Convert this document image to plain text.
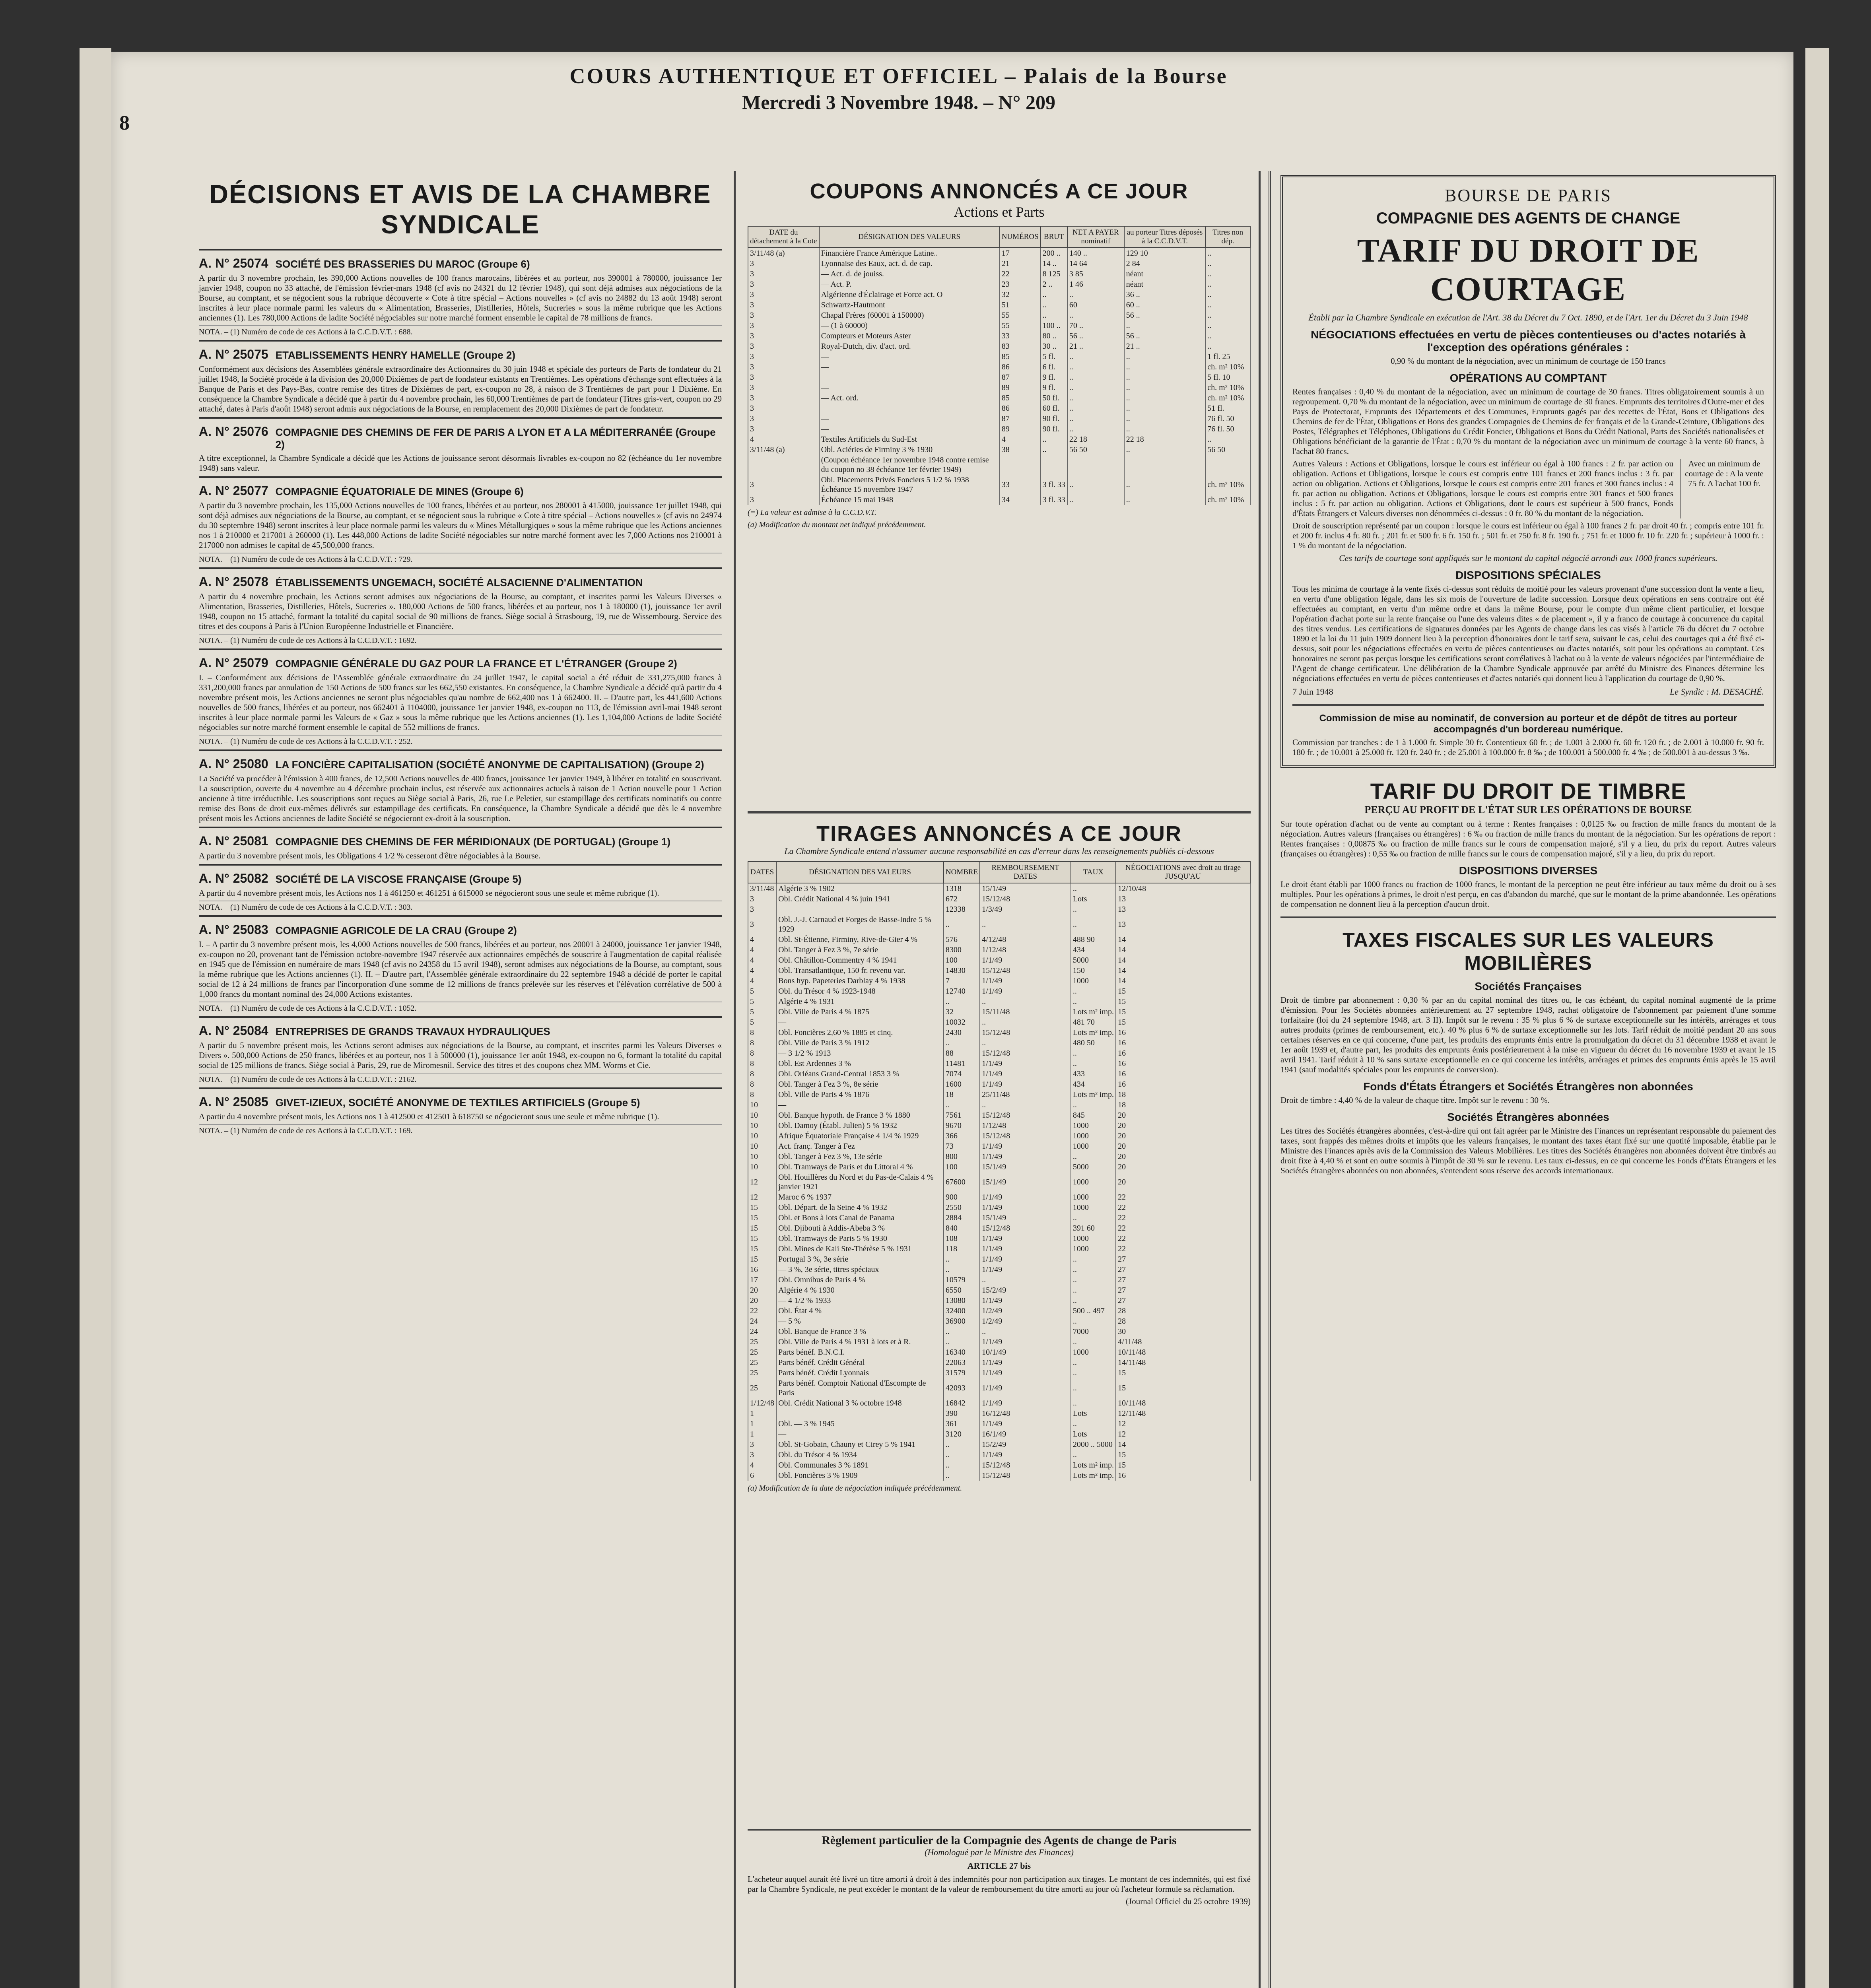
8
COURS AUTHENTIQUE ET OFFICIEL – Palais de la Bourse
Mercredi 3 Novembre 1948. – N° 209
DÉCISIONS ET AVIS DE LA CHAMBRE SYNDICALE
A. N° 25074 SOCIÉTÉ DES BRASSERIES DU MAROC (Groupe 6)
A partir du 3 novembre prochain, les 390,000 Actions nouvelles de 100 francs marocains, libérées et au porteur, nos 390001 à 780000, jouissance 1er janvier 1948, coupon no 33 attaché, de l'émission février-mars 1948 (cf avis no 24321 du 12 février 1948), qui sont déjà admises aux négociations de la Bourse, au comptant, et se négocient sous la rubrique découverte « Cote à titre spécial – Actions nouvelles » (cf avis no 24882 du 13 août 1948) seront inscrites à leur place normale parmi les valeurs du « Alimentation, Brasseries, Distilleries, Hôtels, Sucreries » sous la même rubrique que les Actions anciennes (1). Les 780,000 Actions de ladite Société négociables sur notre marché forment ensemble le capital de 78 millions de francs.
NOTA. – (1) Numéro de code de ces Actions à la C.C.D.V.T. : 688.
A. N° 25075 ETABLISSEMENTS HENRY HAMELLE (Groupe 2)
Conformément aux décisions des Assemblées générale extraordinaire des Actionnaires du 30 juin 1948 et spéciale des porteurs de Parts de fondateur du 21 juillet 1948, la Société procède à la division des 20,000 Dixièmes de part de fondateur existants en Trentièmes. Les opérations d'échange sont effectuées à la Banque de Paris et des Pays-Bas, contre remise des titres de Dixièmes de part, ex-coupon no 28, à raison de 3 Trentièmes de part pour 1 Dixième. En conséquence la Chambre Syndicale a décidé que à partir du 4 novembre prochain, les 60,000 Trentièmes de part de fondateur (Titres gris-vert, coupon no 29 attaché, dates à Paris d'août 1948) seront admis aux négociations de la Bourse, en remplacement des 20,000 Dixièmes de part de fondateur.
A. N° 25076 COMPAGNIE DES CHEMINS DE FER DE PARIS A LYON ET A LA MÉDITERRANÉE (Groupe 2)
A titre exceptionnel, la Chambre Syndicale a décidé que les Actions de jouissance seront désormais livrables ex-coupon no 82 (échéance du 1er novembre 1948) sans valeur.
A. N° 25077 COMPAGNIE ÉQUATORIALE DE MINES (Groupe 6)
A partir du 3 novembre prochain, les 135,000 Actions nouvelles de 100 francs, libérées et au porteur, nos 280001 à 415000, jouissance 1er juillet 1948, qui sont déjà admises aux négociations de la Bourse, au comptant, et se négocient sous la rubrique « Cote à titre spécial – Actions nouvelles » (cf avis no 24974 du 30 septembre 1948) seront inscrites à leur place normale parmi les valeurs du « Mines Métallurgiques » sous la même rubrique que les Actions anciennes nos 1 à 210000 et 217001 à 260000 (1). Les 448,000 Actions de ladite Société négociables sur notre marché forment avec les 7,000 Actions nos 210001 à 217000 non admises le capital de 45,500,000 francs.
NOTA. – (1) Numéro de code de ces Actions à la C.C.D.V.T. : 729.
A. N° 25078 ÉTABLISSEMENTS UNGEMACH, SOCIÉTÉ ALSACIENNE D'ALIMENTATION
A partir du 4 novembre prochain, les Actions seront admises aux négociations de la Bourse, au comptant, et inscrites parmi les Valeurs Diverses « Alimentation, Brasseries, Distilleries, Hôtels, Sucreries ». 180,000 Actions de 500 francs, libérées et au porteur, nos 1 à 180000 (1), jouissance 1er avril 1948, coupon no 15 attaché, formant la totalité du capital social de 90 millions de francs. Siège social à Strasbourg, 19, rue de Wissembourg. Service des titres et des coupons à Paris à l'Union Européenne Industrielle et Financière.
NOTA. – (1) Numéro de code de ces Actions à la C.C.D.V.T. : 1692.
A. N° 25079 COMPAGNIE GÉNÉRALE DU GAZ POUR LA FRANCE ET L'ÉTRANGER (Groupe 2)
I. – Conformément aux décisions de l'Assemblée générale extraordinaire du 24 juillet 1947, le capital social a été réduit de 331,275,000 francs à 331,200,000 francs par annulation de 150 Actions de 500 francs sur les 662,550 existantes. En conséquence, la Chambre Syndicale a décidé qu'à partir du 4 novembre présent mois, les Actions anciennes ne seront plus négociables qu'au nombre de 662,400 nos 1 à 662400. II. – D'autre part, les 441,600 Actions nouvelles de 500 francs, libérées et au porteur, nos 662401 à 1104000, jouissance 1er janvier 1948, ex-coupon no 113, de l'émission avril-mai 1948 seront inscrites à leur place normale parmi les Valeurs de « Gaz » sous la même rubrique que les Actions anciennes (1). Les 1,104,000 Actions de ladite Société négociables sur notre marché forment ensemble le capital de 552 millions de francs.
NOTA. – (1) Numéro de code de ces Actions à la C.C.D.V.T. : 252.
A. N° 25080 LA FONCIÈRE CAPITALISATION (SOCIÉTÉ ANONYME DE CAPITALISATION) (Groupe 2)
La Société va procéder à l'émission à 400 francs, de 12,500 Actions nouvelles de 400 francs, jouissance 1er janvier 1949, à libérer en totalité en souscrivant. La souscription, ouverte du 4 novembre au 4 décembre prochain inclus, est réservée aux actionnaires actuels à raison de 1 Action nouvelle pour 1 Action ancienne à titre irréductible. Les souscriptions sont reçues au Siège social à Paris, 26, rue Le Peletier, sur estampillage des certificats nominatifs ou contre remise des Bons de droit eux-mêmes délivrés sur estampillage des certificats. En conséquence, la Chambre Syndicale a décidé que dès le 4 novembre présent mois les Actions anciennes de ladite Société se négocieront ex-droit à la souscription.
A. N° 25081 COMPAGNIE DES CHEMINS DE FER MÉRIDIONAUX (DE PORTUGAL) (Groupe 1)
A partir du 3 novembre présent mois, les Obligations 4 1/2 % cesseront d'être négociables à la Bourse.
A. N° 25082 SOCIÉTÉ DE LA VISCOSE FRANÇAISE (Groupe 5)
A partir du 4 novembre présent mois, les Actions nos 1 à 461250 et 461251 à 615000 se négocieront sous une seule et même rubrique (1).
NOTA. – (1) Numéro de code de ces Actions à la C.C.D.V.T. : 303.
A. N° 25083 COMPAGNIE AGRICOLE DE LA CRAU (Groupe 2)
I. – A partir du 3 novembre présent mois, les 4,000 Actions nouvelles de 500 francs, libérées et au porteur, nos 20001 à 24000, jouissance 1er janvier 1948, ex-coupon no 20, provenant tant de l'émission octobre-novembre 1947 réservée aux actionnaires empêchés de souscrire à l'augmentation de capital réalisée en 1945 que de l'émission en numéraire de mars 1948 (cf avis no 24358 du 15 avril 1948), seront admises aux négociations de la Bourse, au comptant, sous la même rubrique que les Actions anciennes (1). II. – D'autre part, l'Assemblée générale extraordinaire du 22 septembre 1948 a décidé de porter le capital social de 12 à 24 millions de francs par l'incorporation d'une somme de 12 millions de francs prélevée sur les réserves et l'élévation corrélative de 500 à 1,000 francs du montant nominal des 24,000 Actions existantes.
NOTA. – (1) Numéro de code de ces Actions à la C.C.D.V.T. : 1052.
A. N° 25084 ENTREPRISES DE GRANDS TRAVAUX HYDRAULIQUES
A partir du 5 novembre présent mois, les Actions seront admises aux négociations de la Bourse, au comptant, et inscrites parmi les Valeurs Diverses « Divers ». 500,000 Actions de 250 francs, libérées et au porteur, nos 1 à 500000 (1), jouissance 1er août 1948, ex-coupon no 6, formant la totalité du capital social de 125 millions de francs. Siège social à Paris, 29, rue de Miromesnil. Service des titres et des coupons chez MM. Worms et Cie.
NOTA. – (1) Numéro de code de ces Actions à la C.C.D.V.T. : 2162.
A. N° 25085 GIVET-IZIEUX, SOCIÉTÉ ANONYME DE TEXTILES ARTIFICIELS (Groupe 5)
A partir du 4 novembre présent mois, les Actions nos 1 à 412500 et 412501 à 618750 se négocieront sous une seule et même rubrique (1).
NOTA. – (1) Numéro de code de ces Actions à la C.C.D.V.T. : 169.
COUPONS ANNONCÉS A CE JOUR
Actions et Parts
DATE du détachement à la Cote	DÉSIGNATION DES VALEURS	NUMÉROS	BRUT	NET A PAYER nominatif	au porteur Titres déposés à la C.C.D.V.T.	Titres non dép.
3/11/48 (a)	Financière France Amérique Latine..	17	200 ..	140 ..	129 10	..
3	Lyonnaise des Eaux, act. d. de cap.	21	14 ..	14 64	2 84	..
3	— Act. d. de jouiss.	22	8 125	3 85	néant	..
3	— Act. P.	23	2 ..	1 46	néant	..
3	Algérienne d'Éclairage et Force act. O	32	..	..	36 ..	..
3	Schwartz-Hautmont	51	..	60	60 ..	..
3	Chapal Frères (60001 à 150000)	55	..	..	56 ..	..
3	— (1 à 60000)	55	100 ..	70 ..	..	..
3	Compteurs et Moteurs Aster	33	80 ..	56 ..	56 ..	..
3	Royal-Dutch, div. d'act. ord.	83	30 ..	21 ..	21 ..	..
3	—	85	5 fl.	..	..	1 fl. 25
3	—	86	6 fl.	..	..	ch. m² 10%
3	—	87	9 fl.	..	..	5 fl. 10
3	—	89	9 fl.	..	..	ch. m² 10%
3	— Act. ord.	85	50 fl.	..	..	ch. m² 10%
3	—	86	60 fl.	..	..	51 fl.
3	—	87	90 fl.	..	..	76 fl. 50
3	—	89	90 fl.	..	..	76 fl. 50
4	Textiles Artificiels du Sud-Est	4	..	22 18	22 18	..
3/11/48 (a)	Obl. Aciéries de Firminy 3 % 1930	38	..	56 50	..	56 50
	(Coupon échéance 1er novembre 1948 contre remise du coupon no 38 échéance 1er février 1949)					
3	Obl. Placements Privés Fonciers 5 1/2 % 1938 Échéance 15 novembre 1947	33	3 fl. 33	..	..	ch. m² 10%
3	Échéance 15 mai 1948	34	3 fl. 33	..	..	ch. m² 10%
(=) La valeur est admise à la C.C.D.V.T.
(a) Modification du montant net indiqué précédemment.
TIRAGES ANNONCÉS A CE JOUR
La Chambre Syndicale entend n'assumer aucune responsabilité en cas d'erreur dans les renseignements publiés ci-dessous
DATES	DÉSIGNATION DES VALEURS	NOMBRE	REMBOURSEMENT DATES	TAUX	NÉGOCIATIONS avec droit au tirage JUSQU'AU
3/11/48	Algérie 3 % 1902	1318	15/1/49	..	12/10/48
3	Obl. Crédit National 4 % juin 1941	672	15/12/48	Lots	13
3	—	12338	1/3/49	..	13
3	Obl. J.-J. Carnaud et Forges de Basse-Indre 5 % 1929	..	..	..	13
4	Obl. St-Étienne, Firminy, Rive-de-Gier 4 %	576	4/12/48	488 90	14
4	Obl. Tanger à Fez 3 %, 7e série	8300	1/12/48	434	14
4	Obl. Châtillon-Commentry 4 % 1941	100	1/1/49	5000	14
4	Obl. Transatlantique, 150 fr. revenu var.	14830	15/12/48	150	14
4	Bons hyp. Papeteries Darblay 4 % 1938	7	1/1/49	1000	14
5	Obl. du Trésor 4 % 1923-1948	12740	1/1/49	..	15
5	Algérie 4 % 1931	..	..	..	15
5	Obl. Ville de Paris 4 % 1875	32	15/11/48	Lots m² imp.	15
5	—	10032	..	481 70	15
8	Obl. Foncières 2,60 % 1885 et cinq.	2430	15/12/48	Lots m² imp.	16
8	Obl. Ville de Paris 3 % 1912	..	..	480 50	16
8	— 3 1/2 % 1913	88	15/12/48	..	16
8	Obl. Est Ardennes 3 %	11481	1/1/49	..	16
8	Obl. Orléans Grand-Central 1853 3 %	7074	1/1/49	433	16
8	Obl. Tanger à Fez 3 %, 8e série	1600	1/1/49	434	16
8	Obl. Ville de Paris 4 % 1876	18	25/11/48	Lots m² imp.	18
10	—	..	..	..	18
10	Obl. Banque hypoth. de France 3 % 1880	7561	15/12/48	845	20
10	Obl. Damoy (Établ. Julien) 5 % 1932	9670	1/12/48	1000	20
10	Afrique Équatoriale Française 4 1/4 % 1929	366	15/12/48	1000	20
10	Act. franç. Tanger à Fez	73	1/1/49	1000	20
10	Obl. Tanger à Fez 3 %, 13e série	800	1/1/49	..	20
10	Obl. Tramways de Paris et du Littoral 4 %	100	15/1/49	5000	20
12	Obl. Houillères du Nord et du Pas-de-Calais 4 % janvier 1921	67600	15/1/49	1000	20
12	Maroc 6 % 1937	900	1/1/49	1000	22
15	Obl. Départ. de la Seine 4 % 1932	2550	1/1/49	1000	22
15	Obl. et Bons à lots Canal de Panama	2884	15/1/49	..	22
15	Obl. Djibouti à Addis-Abeba 3 %	840	15/12/48	391 60	22
15	Obl. Tramways de Paris 5 % 1930	108	1/1/49	1000	22
15	Obl. Mines de Kali Ste-Thérèse 5 % 1931	118	1/1/49	1000	22
15	Portugal 3 %, 3e série	..	1/1/49	..	27
16	— 3 %, 3e série, titres spéciaux	..	1/1/49	..	27
17	Obl. Omnibus de Paris 4 %	10579	..	..	27
20	Algérie 4 % 1930	6550	15/2/49	..	27
20	— 4 1/2 % 1933	13080	1/1/49	..	27
22	Obl. État 4 %	32400	1/2/49	500 .. 497	28
24	— 5 %	36900	1/2/49	..	28
24	Obl. Banque de France 3 %	..	..	7000	30
25	Obl. Ville de Paris 4 % 1931 à lots et à R.	..	1/1/49	..	4/11/48
25	Parts bénéf. B.N.C.I.	16340	10/1/49	1000	10/11/48
25	Parts bénéf. Crédit Général	22063	1/1/49	..	14/11/48
25	Parts bénéf. Crédit Lyonnais	31579	1/1/49	..	15
25	Parts bénéf. Comptoir National d'Escompte de Paris	42093	1/1/49	..	15
1/12/48	Obl. Crédit National 3 % octobre 1948	16842	1/1/49	..	10/11/48
1	—	390	16/12/48	Lots	12/11/48
1	Obl. — 3 % 1945	361	1/1/49	..	12
1	—	3120	16/1/49	Lots	12
3	Obl. St-Gobain, Chauny et Cirey 5 % 1941	..	15/2/49	2000 .. 5000	14
3	Obl. du Trésor 4 % 1934	..	1/1/49	..	15
4	Obl. Communales 3 % 1891	..	15/12/48	Lots m² imp.	15
6	Obl. Foncières 3 % 1909	..	15/12/48	Lots m² imp.	16
(a) Modification de la date de négociation indiquée précédemment.
Règlement particulier de la Compagnie des Agents de change de Paris
(Homologué par le Ministre des Finances)
ARTICLE 27 bis
L'acheteur auquel aurait été livré un titre amorti à droit à des indemnités pour non participation aux tirages. Le montant de ces indemnités, qui est fixé par la Chambre Syndicale, ne peut excéder le montant de la valeur de remboursement du titre amorti au jour où l'acheteur formule sa réclamation.
(Journal Officiel du 25 octobre 1939)
BOURSE DE PARIS
COMPAGNIE DES AGENTS DE CHANGE
TARIF DU DROIT DE COURTAGE
Établi par la Chambre Syndicale en exécution de l'Art. 38 du Décret du 7 Oct. 1890, et de l'Art. 1er du Décret du 3 Juin 1948
NÉGOCIATIONS effectuées en vertu de pièces contentieuses ou d'actes notariés à l'exception des opérations générales :
0,90 % du montant de la négociation, avec un minimum de courtage de 150 francs
OPÉRATIONS AU COMPTANT
Rentes françaises : 0,40 % du montant de la négociation, avec un minimum de courtage de 30 francs. Titres obligatoirement soumis à un regroupement. 0,70 % du montant de la négociation, avec un minimum de courtage de 30 francs. Emprunts des territoires d'Outre-mer et des Pays de Protectorat, Emprunts des Départements et des Communes, Emprunts gagés par des recettes de l'État, Bons et Obligations des Chemins de fer de l'État, Obligations et Bons des grandes Compagnies de Chemins de fer français et de la Grande-Ceinture, Obligations des Postes, Télégraphes et Téléphones, Obligations du Crédit Foncier, Obligations et Bons du Crédit National, Parts des Sociétés nationalisées et Obligations bénéficiant de la garantie de l'État : 0,70 % du montant de la négociation avec un minimum de courtage à la vente 60 francs, à l'achat 80 francs.
Autres Valeurs : Actions et Obligations, lorsque le cours est inférieur ou égal à 100 francs : 2 fr. par action ou obligation. Actions et Obligations, lorsque le cours est compris entre 101 francs et 200 francs inclus : 3 fr. par action ou obligation. Actions et Obligations, lorsque le cours est compris entre 201 francs et 300 francs inclus : 4 fr. par action ou obligation. Actions et Obligations, lorsque le cours est compris entre 301 francs et 500 francs inclus : 5 fr. par action ou obligation. Actions et Obligations, dont le cours est supérieur à 500 francs, Fonds d'États Étrangers et Valeurs diverses non dénommées ci-dessus : 0 fr. 80 % du montant de la négociation.
Avec un minimum de courtage de : A la vente 75 fr. A l'achat 100 fr.
Droit de souscription représenté par un coupon : lorsque le cours est inférieur ou égal à 100 francs 2 fr. par droit 40 fr. ; compris entre 101 fr. et 200 fr. inclus 4 fr. 80 fr. ; 201 fr. et 500 fr. 6 fr. 150 fr. ; 501 fr. et 750 fr. 8 fr. 190 fr. ; 751 fr. et 1000 fr. 10 fr. 220 fr. ; supérieur à 1000 fr. : 1 % du montant de la négociation.
Ces tarifs de courtage sont appliqués sur le montant du capital négocié arrondi aux 1000 francs supérieurs.
DISPOSITIONS SPÉCIALES
Tous les minima de courtage à la vente fixés ci-dessus sont réduits de moitié pour les valeurs provenant d'une succession dont la vente a lieu, en vertu d'une obligation légale, dans les six mois de l'ouverture de ladite succession. Lorsque deux opérations en sens contraire ont été effectuées au comptant, en vertu d'un même ordre et dans la même Bourse, pour le compte d'un même client particulier, et lorsque l'opération d'achat porte sur la rente française ou l'une des valeurs dites « de placement », il y a franco de courtage à concurrence du capital des titres vendus. Les certifications de signatures données par les Agents de change dans les cas visés à l'article 76 du décret du 7 octobre 1890 et la loi du 11 juin 1909 donnent lieu à la perception d'honoraires dont le tarif sera, suivant le cas, celui des courtages qui a été fixé ci-dessus, soit pour les négociations effectuées en vertu de pièces contentieuses ou d'actes notariés, soit pour les opérations au comptant. Ces honoraires ne seront pas perçus lorsque les certifications seront corrélatives à l'achat ou à la vente de valeurs négociées par l'intermédiaire de l'Agent de change certificateur. Une délibération de la Chambre Syndicale approuvée par arrêté du Ministre des Finances détermine les négociations effectuées en vertu de pièces contentieuses et d'actes notariés qui donnent lieu à l'application du courtage de 0,90 %.
7 Juin 1948	Le Syndic : M. DESACHÉ.
Commission de mise au nominatif, de conversion au porteur et de dépôt de titres au porteur accompagnés d'un bordereau numérique.
Commission par tranches : de 1 à 1.000 fr. Simple 30 fr. Contentieux 60 fr. ; de 1.001 à 2.000 fr. 60 fr. 120 fr. ; de 2.001 à 10.000 fr. 90 fr. 180 fr. ; de 10.001 à 25.000 fr. 120 fr. 240 fr. ; de 25.001 à 100.000 fr. 8 ‰ ; de 100.001 à 500.000 fr. 4 ‰ ; de 500.001 à au-dessus 3 ‰.
TARIF DU DROIT DE TIMBRE
PERÇU AU PROFIT DE L'ÉTAT SUR LES OPÉRATIONS DE BOURSE
Sur toute opération d'achat ou de vente au comptant ou à terme : Rentes françaises : 0,0125 ‰ ou fraction de mille francs du montant de la négociation. Autres valeurs (françaises ou étrangères) : 6 ‰ ou fraction de mille francs du montant de la négociation. Sur les opérations de report : Rentes françaises : 0,00875 ‰ ou fraction de mille francs sur le cours de compensation majoré, s'il y a lieu, du prix du report. Autres valeurs (françaises ou étrangères) : 0,55 ‰ ou fraction de mille francs sur le cours de compensation majoré, s'il y a lieu, du prix du report.
DISPOSITIONS DIVERSES
Le droit étant établi par 1000 francs ou fraction de 1000 francs, le montant de la perception ne peut être inférieur au taux même du droit ou à ses multiples. Pour les opérations à primes, le droit n'est perçu, en cas d'abandon du marché, que sur le montant de la prime abandonnée. Les opérations de compensation ne donnent lieu à la perception d'aucun droit.
TAXES FISCALES SUR LES VALEURS MOBILIÈRES
Sociétés Françaises
Droit de timbre par abonnement : 0,30 % par an du capital nominal des titres ou, le cas échéant, du capital nominal augmenté de la prime d'émission. Pour les Sociétés abonnées antérieurement au 27 septembre 1948, rachat obligatoire de l'abonnement par paiement d'une somme forfaitaire (loi du 24 septembre 1948, art. 3 II). Impôt sur le revenu : 35 % plus 6 % de surtaxe exceptionnelle sur les intérêts, arrérages et tous autres produits (primes de remboursement, etc.). 40 % plus 6 % de surtaxe exceptionnelle sur les lots. Tarif réduit de moitié pendant 20 ans sous certaines réserves en ce qui concerne, d'une part, les produits des emprunts émis entre la promulgation du décret du 31 décembre 1938 et avant le 1er août 1939 et, d'autre part, les produits des emprunts émis postérieurement à la mise en vigueur du décret du 16 novembre 1939 et avant le 15 avril 1941. Tarif réduit à 10 % sans surtaxe exceptionnelle en ce qui concerne les intérêts, arrérages et primes des emprunts émis après le 15 avril 1941 (sauf modalités spéciales pour les emprunts de conversion).
Fonds d'États Étrangers et Sociétés Étrangères non abonnées
Droit de timbre : 4,40 % de la valeur de chaque titre. Impôt sur le revenu : 30 %.
Sociétés Étrangères abonnées
Les titres des Sociétés étrangères abonnées, c'est-à-dire qui ont fait agréer par le Ministre des Finances un représentant responsable du paiement des taxes, sont frappés des mêmes droits et impôts que les valeurs françaises, le montant des taxes étant fixé sur une quotité imposable, établie par le Ministre des Finances après avis de la Commission des Valeurs Mobilières. Les titres des Sociétés étrangères non abonnées doivent être timbrés au droit fixe à 4,40 % et sont en outre soumis à l'impôt de 30 % sur le revenu. Les taux ci-dessus, en ce qui concerne les Fonds d'États Étrangers et les Sociétés étrangères abonnées ou non abonnées, s'entendent sous réserve des accords internationaux.
